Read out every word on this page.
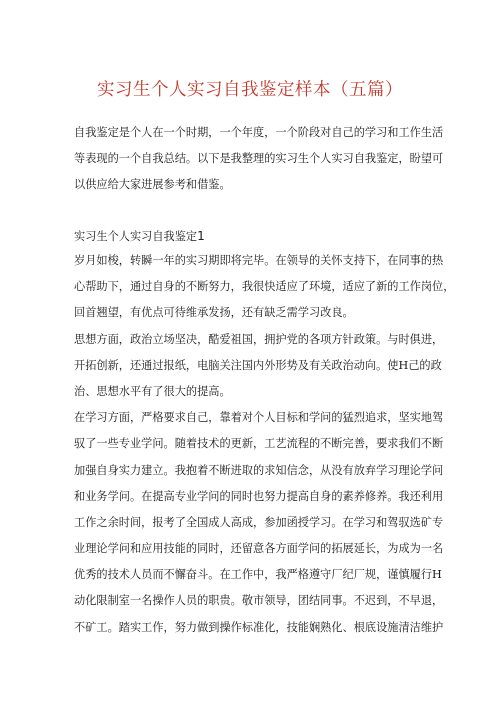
实习生个人实习自我鉴定样本（五篇）
自我鉴定是个人在一个时期，一个年度，一个阶段对自己的学习和工作生活
等表现的一个自我总结。以下是我整理的实习生个人实习自我鉴定，盼望可
以供应给大家进展参考和借鉴。
实习生个人实习自我鉴定1
岁月如梭，转瞬一年的实习期即将完毕。在领导的关怀支持下，在同事的热
心帮助下，通过自身的不断努力，我很快适应了环境，适应了新的工作岗位，
回首翘望，有优点可待维承发扬，还有缺乏需学习改良。
思想方面，政治立场坚决，酷爱祖国，拥护党的各项方针政策。与时俱进，
开拓创新，还通过报纸，电脑关注国内外形势及有关政治动向。使H己的政
治、思想水平有了很大的提高。
在学习方面，严格要求自己，靠着对个人目标和学问的猛烈追求，坚实地驾
驭了一些专业学问。随着技术的更新，工艺流程的不断完善，要求我们不断
加强自身实力建立。我抱着不断进取的求知信念，从没有放弃学习理论学问
和业务学问。在提高专业学问的同时也努力提高自身的素养修养。我还利用
工作之余时间，报考了全国成人高成，参加函授学习。在学习和驾驭选矿专
业理论学问和应用技能的同时，还留意各方面学问的拓展延长，为成为一名
优秀的技术人员而不懈奋斗。在工作中，我严格遵守厂纪厂规，谨慎履行H
动化限制室一名操作人员的职贵。敬市领导，团结同事。不迟到，不早退，
不矿工。踏实工作，努力做到操作标准化，技能娴熟化、根底设施清洁维护
